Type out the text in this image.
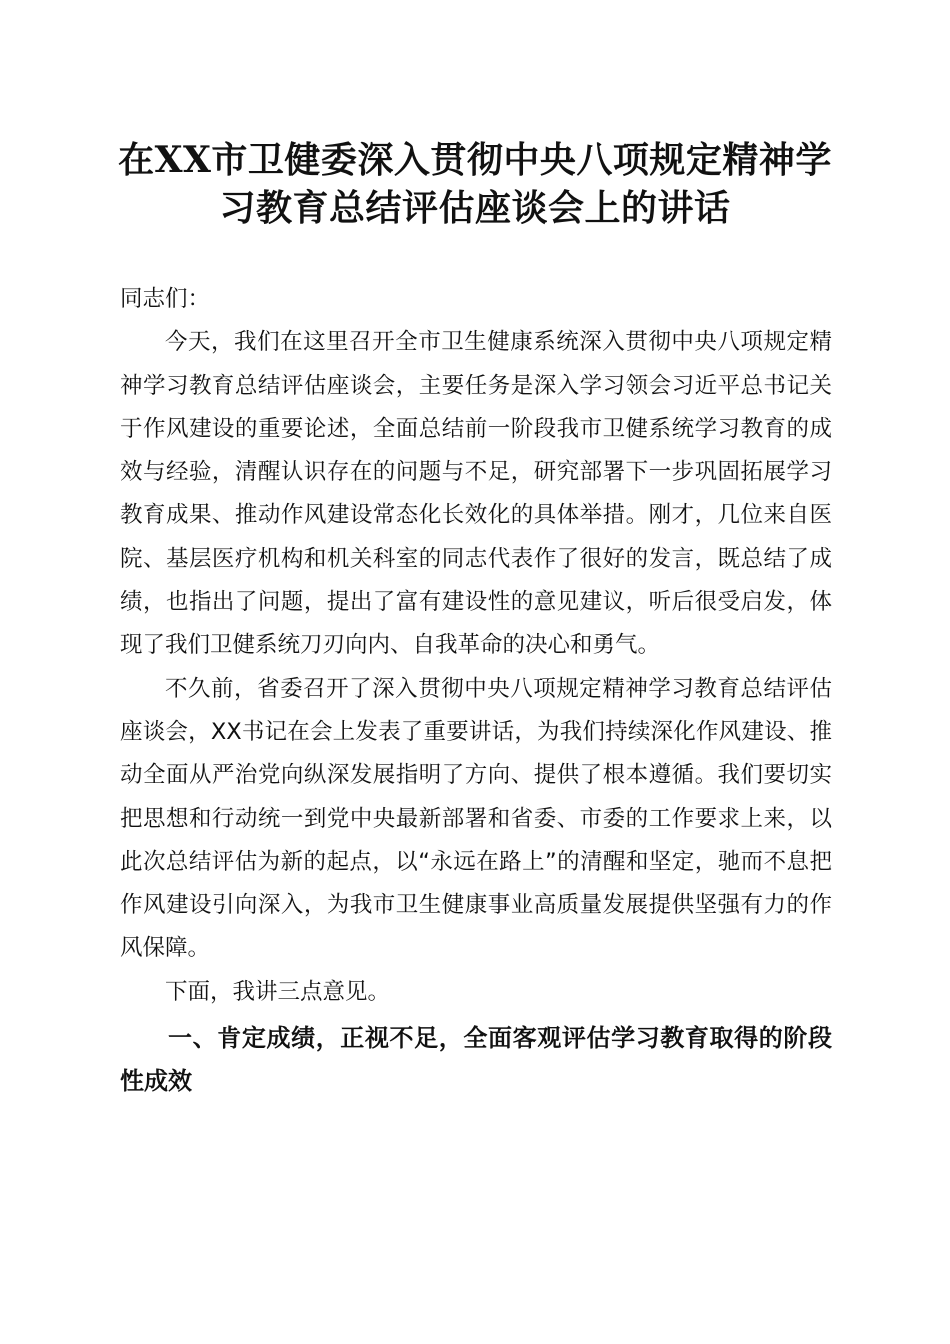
在XX市卫健委深入贯彻中央八项规定精神学
习教育总结评估座谈会上的讲话

同志们：

今天，我们在这里召开全市卫生健康系统深入贯彻中央八项规定精神学习教育总结评估座谈会，主要任务是深入学习领会习近平总书记关于作风建设的重要论述，全面总结前一阶段我市卫健系统学习教育的成效与经验，清醒认识存在的问题与不足，研究部署下一步巩固拓展学习教育成果、推动作风建设常态化长效化的具体举措。刚才，几位来自医院、基层医疗机构和机关科室的同志代表作了很好的发言，既总结了成绩，也指出了问题，提出了富有建设性的意见建议，听后很受启发，体现了我们卫健系统刀刃向内、自我革命的决心和勇气。

不久前，省委召开了深入贯彻中央八项规定精神学习教育总结评估座谈会，XX书记在会上发表了重要讲话，为我们持续深化作风建设、推动全面从严治党向纵深发展指明了方向、提供了根本遵循。我们要切实把思想和行动统一到党中央最新部署和省委、市委的工作要求上来，以此次总结评估为新的起点，以“永远在路上”的清醒和坚定，驰而不息把作风建设引向深入，为我市卫生健康事业高质量发展提供坚强有力的作风保障。

下面，我讲三点意见。

一、肯定成绩，正视不足，全面客观评估学习教育取得的阶段性成效
